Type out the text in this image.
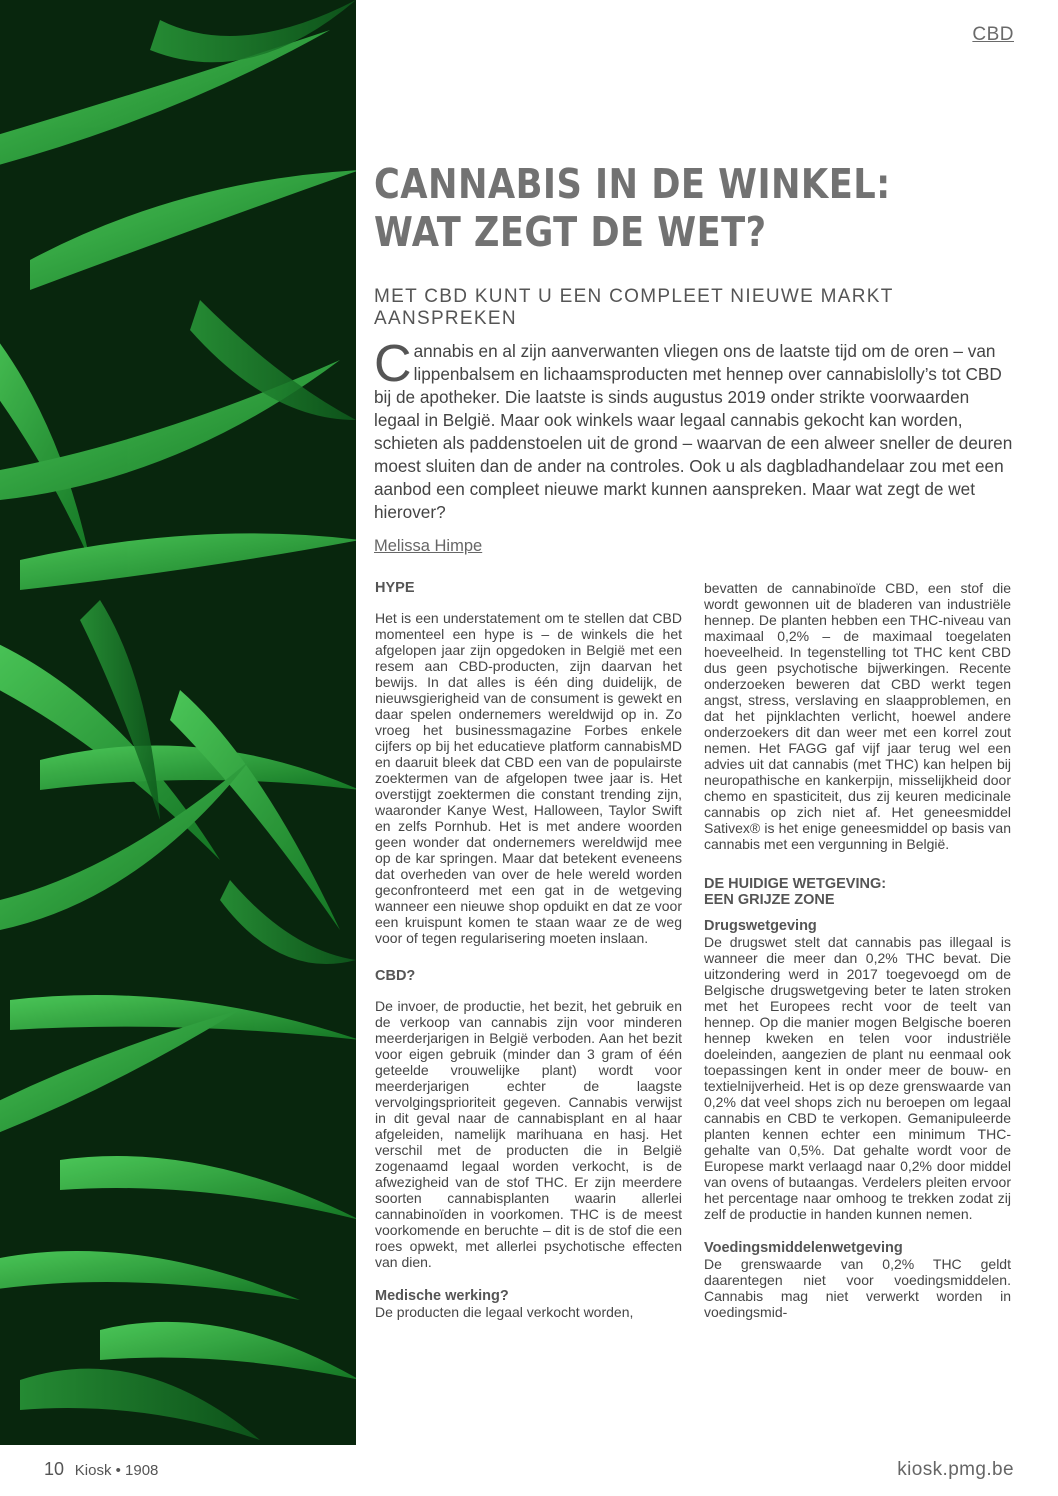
CBD
CANNABIS IN DE WINKEL:
WAT ZEGT DE WET?
MET CBD KUNT U EEN COMPLEET NIEUWE MARKT AANSPREKEN

Cannabis en al zijn aanverwanten vliegen ons de laatste tijd om de oren – van lippenbalsem en lichaamsproducten met hennep over cannabislolly’s tot CBD bij de apotheker. Die laatste is sinds augustus 2019 onder strikte voorwaarden legaal in België. Maar ook winkels waar legaal cannabis gekocht kan worden, schieten als paddenstoelen uit de grond – waarvan de een alweer sneller de deuren moest sluiten dan de ander na controles. Ook u als dagbladhandelaar zou met een aanbod een compleet nieuwe markt kunnen aanspreken. Maar wat zegt de wet hierover?

Melissa Himpe
HYPE

Het is een understatement om te stellen dat CBD momenteel een hype is – de winkels die het afgelopen jaar zijn opgedoken in België met een resem aan CBD-producten, zijn daarvan het bewijs. In dat alles is één ding duidelijk, de nieuwsgierigheid van de consument is gewekt en daar spelen ondernemers wereldwijd op in. Zo vroeg het businessmagazine Forbes enkele cijfers op bij het educatieve platform cannabisMD en daaruit bleek dat CBD een van de populairste zoektermen van de afgelopen twee jaar is. Het overstijgt zoektermen die constant trending zijn, waaronder Kanye West, Halloween, Taylor Swift en zelfs Pornhub. Het is met andere woorden geen wonder dat ondernemers wereldwijd mee op de kar springen. Maar dat betekent eveneens dat overheden van over de hele wereld worden geconfronteerd met een gat in de wetgeving wanneer een nieuwe shop opduikt en dat ze voor een kruispunt komen te staan waar ze de weg voor of tegen regularisering moeten inslaan.

CBD?

De invoer, de productie, het bezit, het gebruik en de verkoop van cannabis zijn voor minderen meerderjarigen in België verboden. Aan het bezit voor eigen gebruik (minder dan 3 gram of één geteelde vrouwelijke plant) wordt voor meerderjarigen echter de laagste vervolgingsprioriteit gegeven. Cannabis verwijst in dit geval naar de cannabisplant en al haar afgeleiden, namelijk marihuana en hasj. Het verschil met de producten die in België zogenaamd legaal worden verkocht, is de afwezigheid van de stof THC. Er zijn meerdere soorten cannabisplanten waarin allerlei cannabinoïden in voorkomen. THC is de meest voorkomende en beruchte – dit is de stof die een roes opwekt, met allerlei psychotische effecten van dien.

Medische werking?

De producten die legaal verkocht worden,

bevatten de cannabinoïde CBD, een stof die wordt gewonnen uit de bladeren van industriële hennep. De planten hebben een THC-niveau van maximaal 0,2% – de maximaal toegelaten hoeveelheid. In tegenstelling tot THC kent CBD dus geen psychotische bijwerkingen. Recente onderzoeken beweren dat CBD werkt tegen angst, stress, verslaving en slaapproblemen, en dat het pijnklachten verlicht, hoewel andere onderzoekers dit dan weer met een korrel zout nemen. Het FAGG gaf vijf jaar terug wel een advies uit dat cannabis (met THC) kan helpen bij neuropathische en kankerpijn, misselijkheid door chemo en spasticiteit, dus zij keuren medicinale cannabis op zich niet af. Het geneesmiddel Sativex® is het enige geneesmiddel op basis van cannabis met een vergunning in België.

DE HUIDIGE WETGEVING:
EEN GRIJZE ZONE
Drugswetgeving

De drugswet stelt dat cannabis pas illegaal is wanneer die meer dan 0,2% THC bevat. Die uitzondering werd in 2017 toegevoegd om de Belgische drugswetgeving beter te laten stroken met het Europees recht voor de teelt van hennep. Op die manier mogen Belgische boeren hennep kweken en telen voor industriële doeleinden, aangezien de plant nu eenmaal ook toepassingen kent in onder meer de bouw- en textielnijverheid. Het is op deze grenswaarde van 0,2% dat veel shops zich nu beroepen om legaal cannabis en CBD te verkopen. Gemanipuleerde planten kennen echter een minimum THC-gehalte van 0,5%. Dat gehalte wordt voor de Europese markt verlaagd naar 0,2% door middel van ovens of butaangas. Verdelers pleiten ervoor het percentage naar omhoog te trekken zodat zij zelf de productie in handen kunnen nemen.

Voedingsmiddelenwetgeving

De grenswaarde van 0,2% THC geldt daarentegen niet voor voedingsmiddelen. Cannabis mag niet verwerkt worden in voedingsmid-

10 Kiosk • 1908	kiosk.pmg.be
